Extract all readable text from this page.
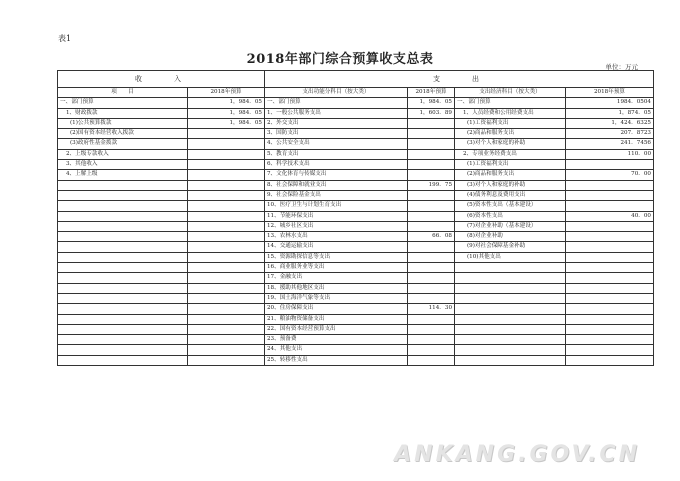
表1
2018年部门综合预算收支总表	单位：万元
收　　入		支　　出			
项　　目	2018年预算	支出功能分科目（按大类）	2018年预算	支出经济科目（按大类）	2018年预算
一、部门预算	1，984．05	一、部门预算	1，984．05	一、部门预算	1984．0504
1、财政拨款	1，984．05	1、一般公共服务支出	1，603．89	1、人员经费和公用经费支出	1，874．05
(1)公共预算拨款	1，984．05	2、外交支出		(1)工资福利支出	1，424．6325
(2)国有资本经营收入拨款		3、国防支出		(2)商品和服务支出	207．8723
(3)政府性基金拨款		4、公共安全支出		(3)对个人和家庭的补助	241．7456
2、上级专款收入		5、教育支出		2、专项业务经费支出	110．00
3、其他收入		6、科学技术支出		(1)工资福利支出	
4、上解上级		7、文化体育与传媒支出		(2)商品和服务支出	70．00
		8、社会保障和就业支出	199．75	(3)对个人和家庭的补助	
		9、社会保险基金支出		(4)债务利息及费用支出	
		10、医疗卫生与计划生育支出		(5)资本性支出（基本建设）	
		11、节能环保支出		(6)资本性支出	40．00
		12、城乡社区支出		(7)对企业补助（基本建设）	
		13、农林水支出	66．08	(8)对企业补助	
		14、交通运输支出		(9)对社会保障基金补助	
		15、资源勘探信息等支出		(10)其他支出	
		16、商业服务业等支出			
		17、金融支出			
		18、援助其他地区支出			
		19、国土海洋气象等支出			
		20、住房保障支出	114．30		
		21、粮油物资储备支出			
		22、国有资本经营预算支出			
		23、预备费			
		24、其他支出			
		25、转移性支出			
ANKANG.GOV.CN
